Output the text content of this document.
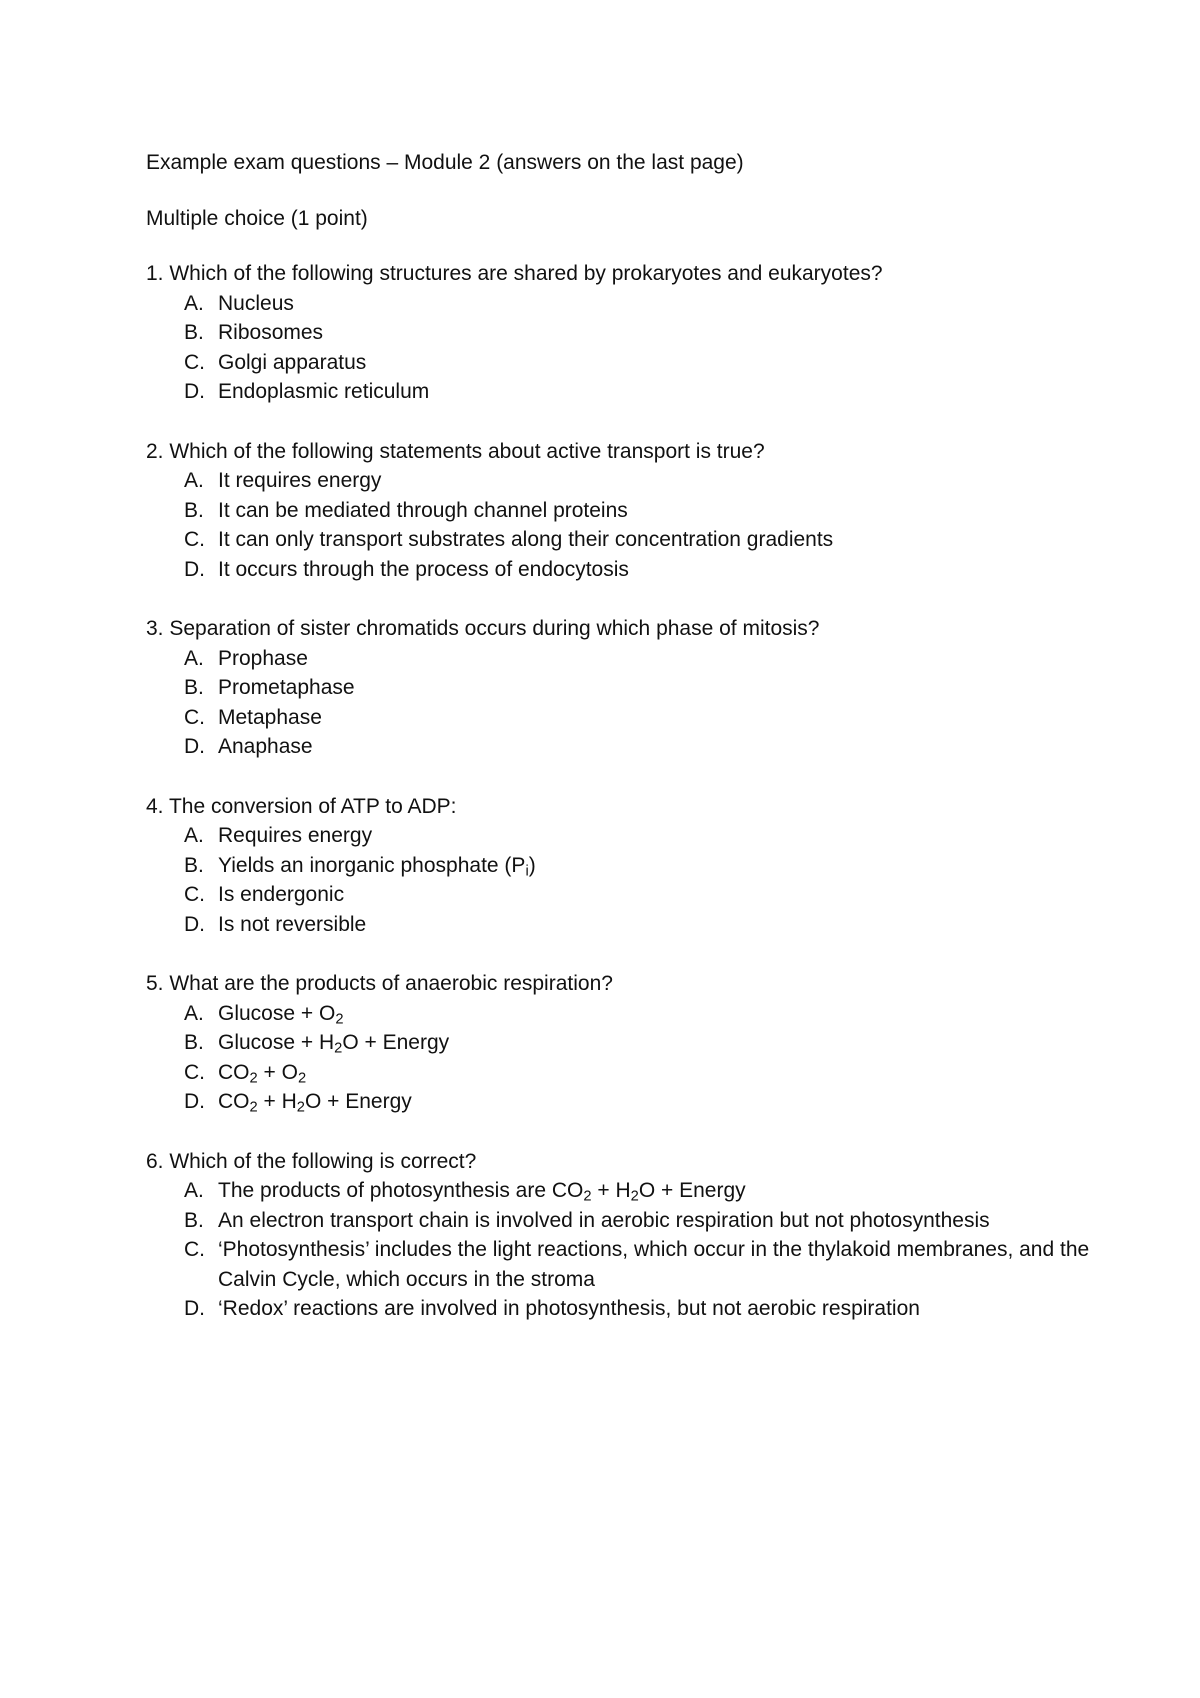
Example exam questions – Module 2 (answers on the last page)

Multiple choice (1 point)

1. Which of the following structures are shared by prokaryotes and eukaryotes?

A. Nucleus
B. Ribosomes
C. Golgi apparatus
D. Endoplasmic reticulum

2. Which of the following statements about active transport is true?

A. It requires energy
B. It can be mediated through channel proteins
C. It can only transport substrates along their concentration gradients
D. It occurs through the process of endocytosis

3. Separation of sister chromatids occurs during which phase of mitosis?

A. Prophase
B. Prometaphase
C. Metaphase
D. Anaphase

4. The conversion of ATP to ADP:

A. Requires energy
B. Yields an inorganic phosphate $(P_i)$
C. Is endergonic
D. Is not reversible

5. What are the products of anaerobic respiration?

A. $Glucose + O_2$
B. $Glucose + H_2O$ + Energy
C. $CO_2 + O_2$
D. $CO_2 + H_2O$ + Energy

6. Which of the following is correct?

A. The products of photosynthesis are $CO_2 + H_2O$ + Energy
B. An electron transport chain is involved in aerobic respiration but not photosynthesis
C. ‘Photosynthesis’ includes the light reactions, which occur in the thylakoid membranes, and the Calvin Cycle, which occurs in the stroma
D. ‘Redox’ reactions are involved in photosynthesis, but not aerobic respiration
